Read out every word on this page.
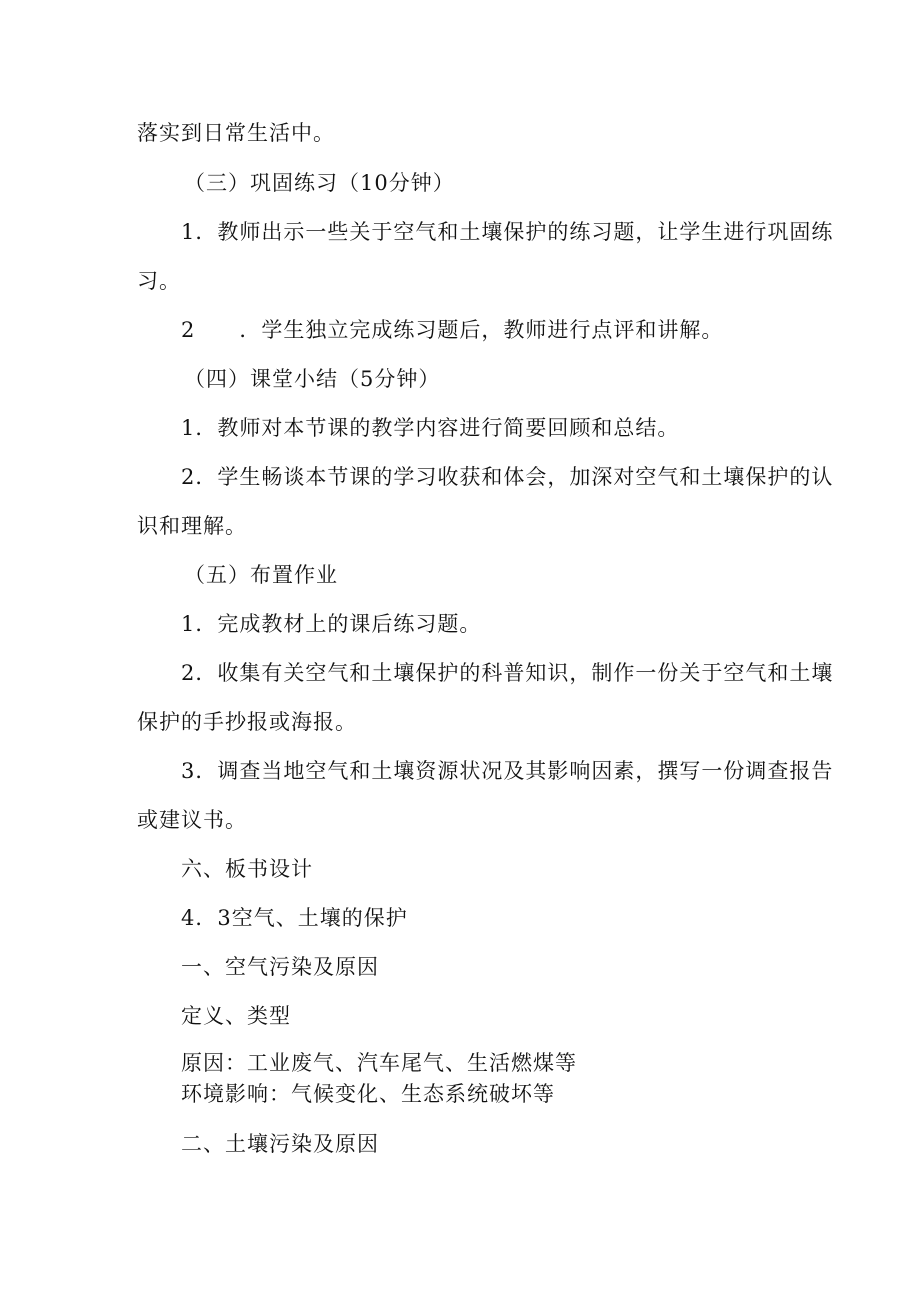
落实到日常生活中。
（三）巩固练习（10分钟）
1．教师出示一些关于空气和土壤保护的练习题，让学生进行巩固练
习。
2　　．学生独立完成练习题后，教师进行点评和讲解。
（四）课堂小结（5分钟）
1．教师对本节课的教学内容进行简要回顾和总结。
2．学生畅谈本节课的学习收获和体会，加深对空气和土壤保护的认
识和理解。
（五）布置作业
1．完成教材上的课后练习题。
2．收集有关空气和土壤保护的科普知识，制作一份关于空气和土壤
保护的手抄报或海报。
3．调查当地空气和土壤资源状况及其影响因素，撰写一份调查报告
或建议书。
六、板书设计
4．3空气、土壤的保护
一、空气污染及原因
定义、类型
原因：工业废气、汽车尾气、生活燃煤等
环境影响：气候变化、生态系统破坏等
二、土壤污染及原因
